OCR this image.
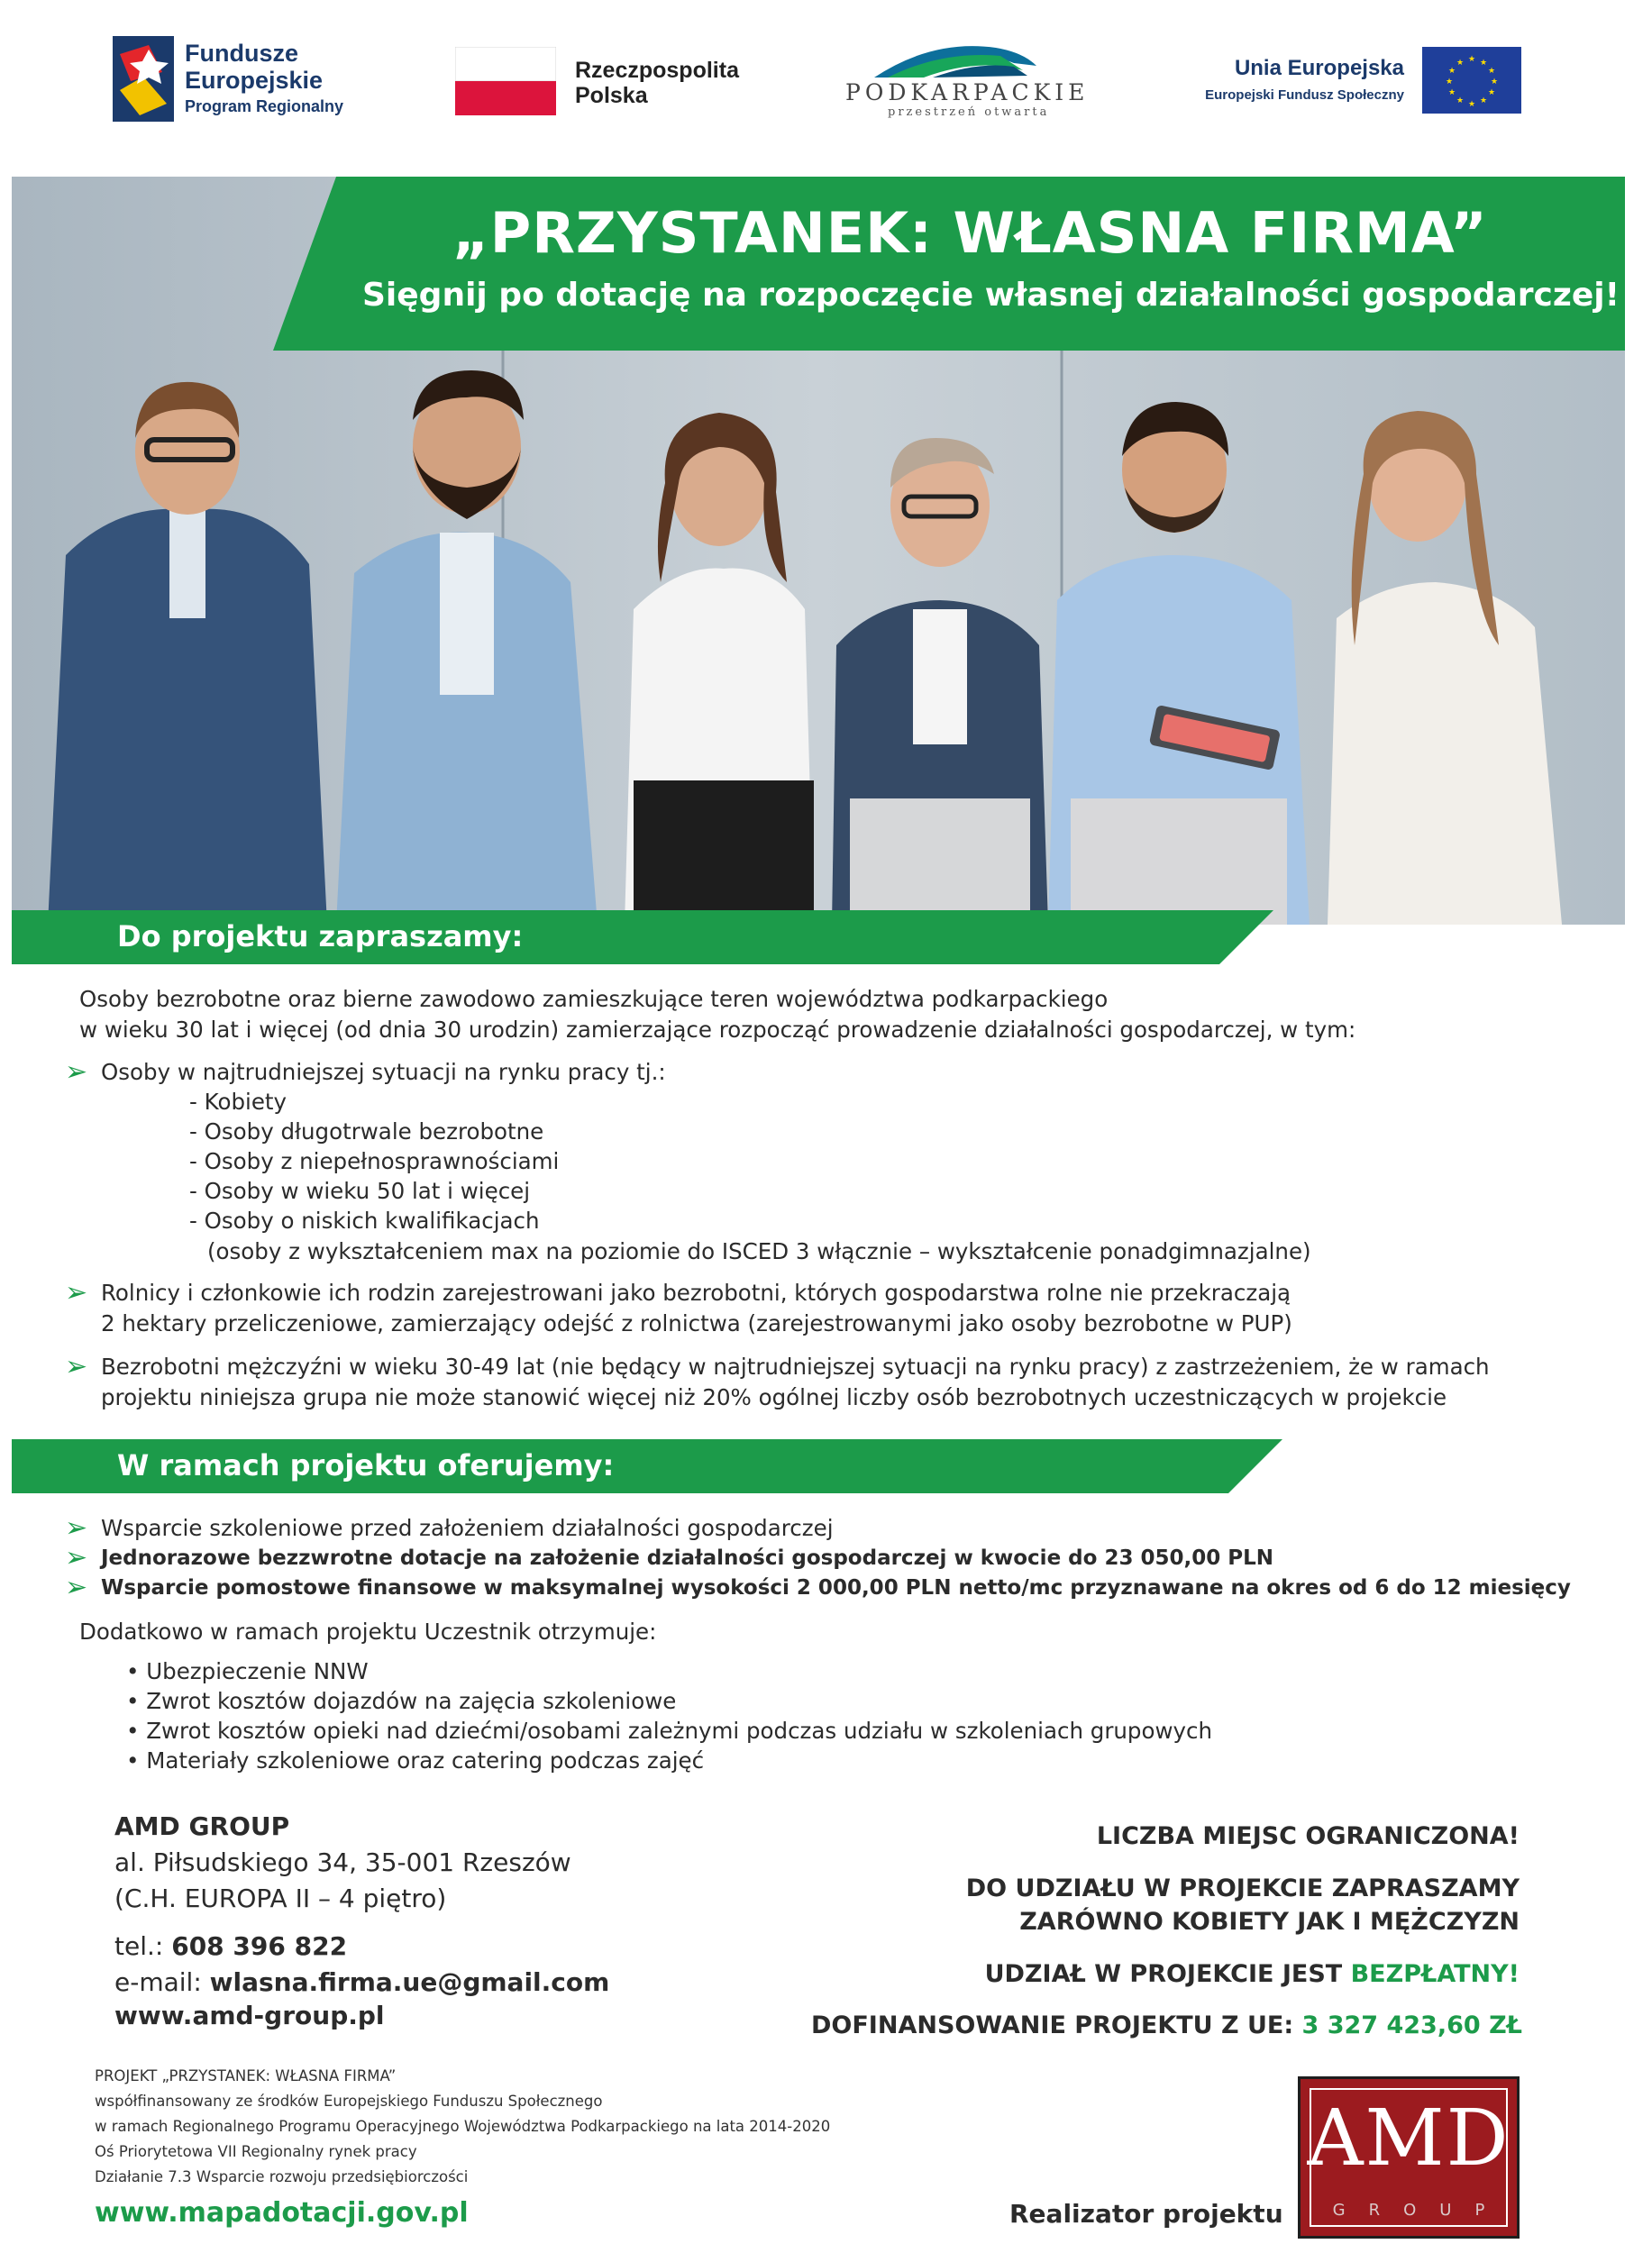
Fundusze
Europejskie
Program Regionalny
Rzeczpospolita
Polska	PODKARPACKIE
przestrzeń otwarta
Unia Europejska
Europejski Fundusz Społeczny
★ ★
★
★
★
★
★
★
★
★
★
★
„PRZYSTANEK: WŁASNA FIRMA”
Sięgnij po dotację na rozpoczęcie własnej działalności gospodarczej!
Do projektu zapraszamy:
Osoby bezrobotne oraz bierne zawodowo zamieszkujące teren województwa podkarpackiego
w wieku 30 lat i więcej (od dnia 30 urodzin) zamierzające rozpocząć prowadzenie działalności gospodarczej, w tym:
➢ Osoby w najtrudniejszej sytuacji na rynku pracy tj.:
- Kobiety
- Osoby długotrwale bezrobotne
- Osoby z niepełnosprawnościami
- Osoby w wieku 50 lat i więcej
- Osoby o niskich kwalifikacjach
(osoby z wykształceniem max na poziomie do ISCED 3 włącznie – wykształcenie ponadgimnazjalne)
➢ Rolnicy i członkowie ich rodzin zarejestrowani jako bezrobotni, których gospodarstwa rolne nie przekraczają
2 hektary przeliczeniowe, zamierzający odejść z rolnictwa (zarejestrowanymi jako osoby bezrobotne w PUP)
➢ Bezrobotni mężczyźni w wieku 30-49 lat (nie będący w najtrudniejszej sytuacji na rynku pracy) z zastrzeżeniem, że w ramach
projektu niniejsza grupa nie może stanowić więcej niż 20% ogólnej liczby osób bezrobotnych uczestniczących w projekcie
W ramach projektu oferujemy:
➢ Wsparcie szkoleniowe przed założeniem działalności gospodarczej
➢ Jednorazowe bezzwrotne dotacje na założenie działalności gospodarczej w kwocie do 23 050,00 PLN
➢ Wsparcie pomostowe finansowe w maksymalnej wysokości 2 000,00 PLN netto/mc przyznawane na okres od 6 do 12 miesięcy
Dodatkowo w ramach projektu Uczestnik otrzymuje:
• Ubezpieczenie NNW
• Zwrot kosztów dojazdów na zajęcia szkoleniowe
• Zwrot kosztów opieki nad dziećmi/osobami zależnymi podczas udziału w szkoleniach grupowych
• Materiały szkoleniowe oraz catering podczas zajęć
AMD GROUP
al. Piłsudskiego 34, 35-001 Rzeszów
(C.H. EUROPA II – 4 piętro)
tel.: 608 396 822
e-mail: wlasna.firma.ue@gmail.com
www.amd-group.pl
LICZBA MIEJSC OGRANICZONA!
DO UDZIAŁU W PROJEKCIE ZAPRASZAMY
ZARÓWNO KOBIETY JAK I MĘŻCZYZN
UDZIAŁ W PROJEKCIE JEST BEZPŁATNY!
DOFINANSOWANIE PROJEKTU Z UE: 3 327 423,60 ZŁ
PROJEKT „PRZYSTANEK: WŁASNA FIRMA”
współfinansowany ze środków Europejskiego Funduszu Społecznego
w ramach Regionalnego Programu Operacyjnego Województwa Podkarpackiego na lata 2014-2020
Oś Priorytetowa VII Regionalny rynek pracy
Działanie 7.3 Wsparcie rozwoju przedsiębiorczości
www.mapadotacji.gov.pl	Realizator projektu
AMD
GROUP
